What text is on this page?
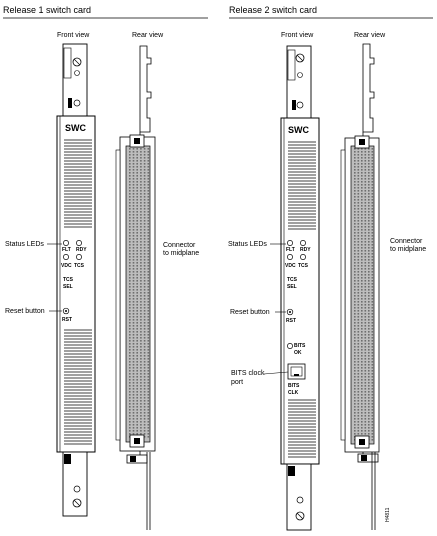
Release 1 switch card	Release 2 switch card
Front view	Rear view	Front view	Rear view
SWC
FLT RDY
VDC TCS
TCS
SEL
RST
Status LEDs
Reset button
Connector
to midplane
SWC
FLT RDY
VDC TCS
TCS
SEL
RST
BITS
OK
BITS
CLK
Status LEDs
Reset button
BITS clock
port
Connector
to midplane
H4811
